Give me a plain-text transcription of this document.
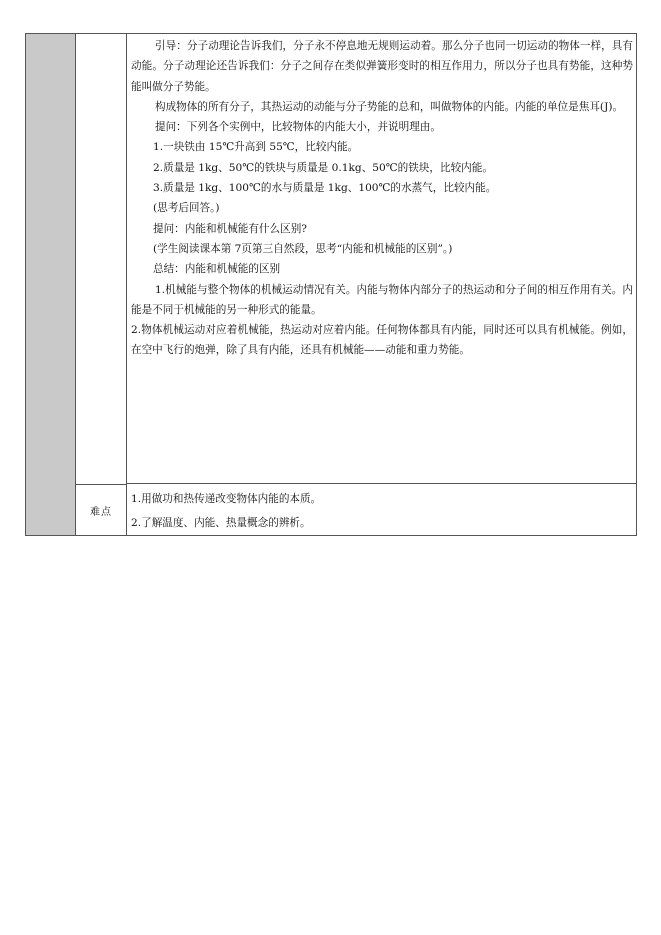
引导：分子动理论告诉我们，分子永不停息地无规则运动着。那么分子也同一切运动的物体一样，具有动能。分子动理论还告诉我们：分子之间存在类似弹簧形变时的相互作用力，所以分子也具有势能，这种势能叫做分子势能。

构成物体的所有分子，其热运动的动能与分子势能的总和，叫做物体的内能。内能的单位是焦耳(J)。

提问：下列各个实例中，比较物体的内能大小，并说明理由。

1.一块铁由 15℃升高到 55℃，比较内能。

2.质量是 1kg、50℃的铁块与质量是 0.1kg、50℃的铁块，比较内能。

3.质量是 1kg、100℃的水与质量是 1kg、100℃的水蒸气，比较内能。

(思考后回答。)

提问：内能和机械能有什么区别?

(学生阅读课本第 7页第三自然段，思考“内能和机械能的区别”。)

总结：内能和机械能的区别

1.机械能与整个物体的机械运动情况有关。内能与物体内部分子的热运动和分子间的相互作用有关。内能是不同于机械能的另一种形式的能量。

2.物体机械运动对应着机械能，热运动对应着内能。任何物体都具有内能，同时还可以具有机械能。例如，在空中飞行的炮弹，除了具有内能，还具有机械能——动能和重力势能。

难点

1.用做功和热传递改变物体内能的本质。

2.了解温度、内能、热量概念的辨析。
